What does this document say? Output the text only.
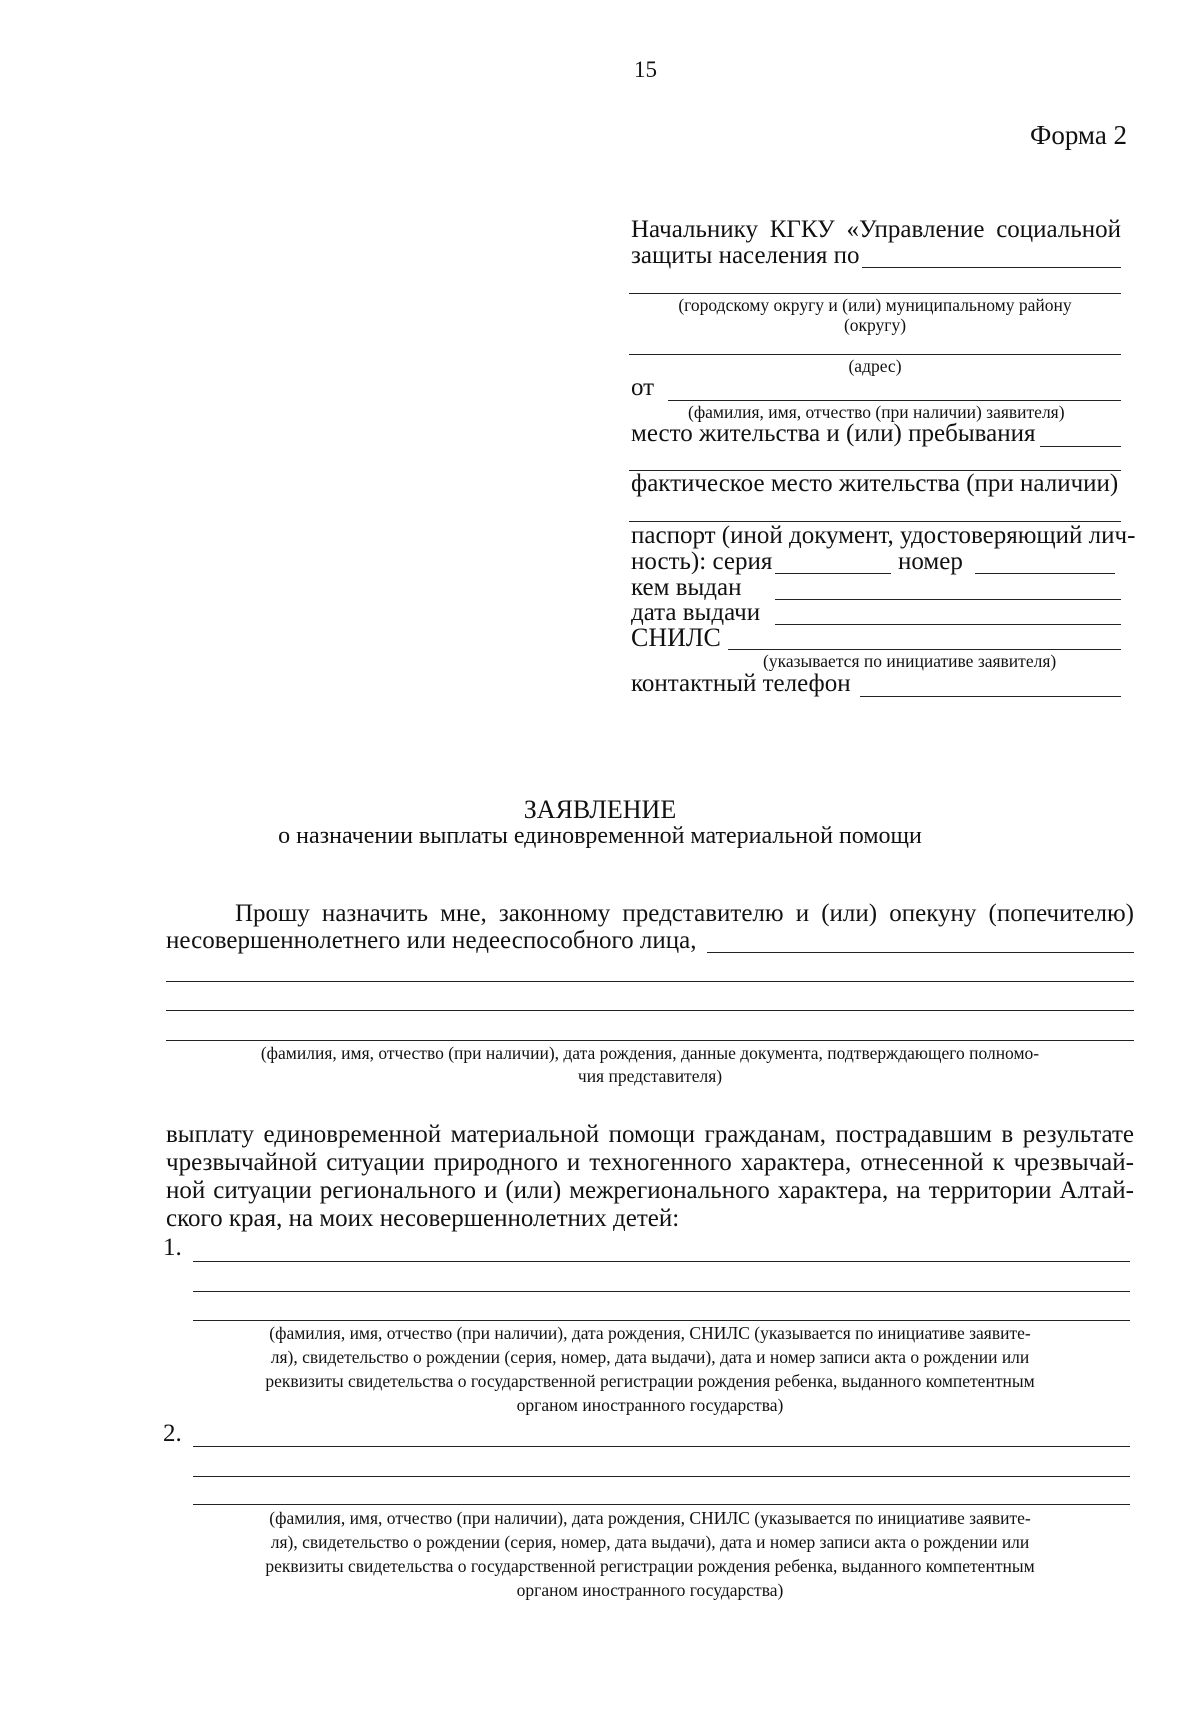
15
Форма 2
Начальнику КГКУ «Управление социальной
защиты населения по
(городскому округу и (или) муниципальному району
(округу)
(адрес)
от
(фамилия, имя, отчество (при наличии) заявителя)
место жительства и (или) пребывания
фактическое место жительства (при наличии)
паспорт (иной документ, удостоверяющий лич-
ность): серия	номер
кем выдан
дата выдачи
СНИЛС
(указывается по инициативе заявителя)
контактный телефон
ЗАЯВЛЕНИЕ
о назначении выплаты единовременной материальной помощи
Прошу назначить мне, законному представителю и (или) опекуну (попечителю)
несовершеннолетнего или недееспособного лица,
(фамилия, имя, отчество (при наличии), дата рождения, данные документа, подтверждающего полномо-
чия представителя)
выплату единовременной материальной помощи гражданам, пострадавшим в результате
чрезвычайной ситуации природного и техногенного характера, отнесенной к чрезвычай-
ной ситуации регионального и (или) межрегионального характера, на территории Алтай-
ского края, на моих несовершеннолетних детей:
1.
(фамилия, имя, отчество (при наличии), дата рождения, СНИЛС (указывается по инициативе заявите-
ля), свидетельство о рождении (серия, номер, дата выдачи), дата и номер записи акта о рождении или
реквизиты свидетельства о государственной регистрации рождения ребенка, выданного компетентным
органом иностранного государства)
2.
(фамилия, имя, отчество (при наличии), дата рождения, СНИЛС (указывается по инициативе заявите-
ля), свидетельство о рождении (серия, номер, дата выдачи), дата и номер записи акта о рождении или
реквизиты свидетельства о государственной регистрации рождения ребенка, выданного компетентным
органом иностранного государства)
